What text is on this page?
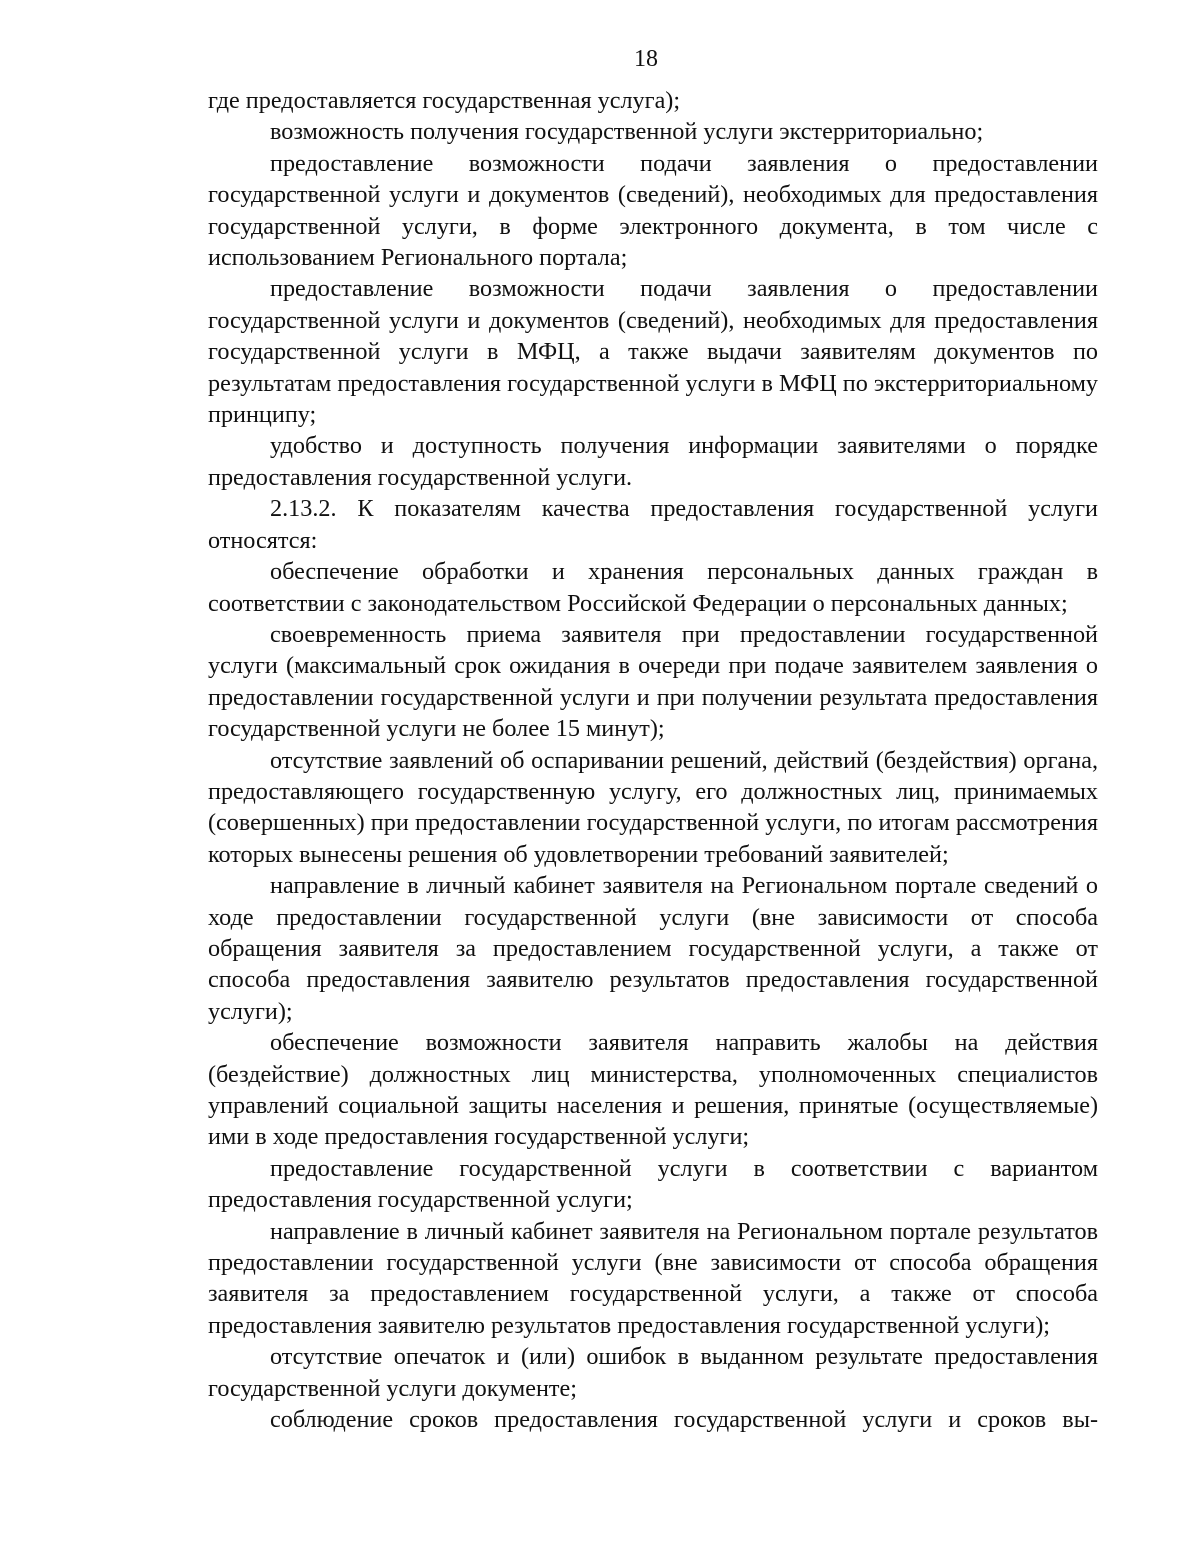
18

где предоставляется государственная услуга);

возможность получения государственной услуги экстерриториально;

предоставление возможности подачи заявления о предоставлении государственной услуги и документов (сведений), необходимых для предоставления государственной услуги, в форме электронного документа, в том числе с использованием Регионального портала;

предоставление возможности подачи заявления о предоставлении государственной услуги и документов (сведений), необходимых для предоставления государственной услуги в МФЦ, а также выдачи заявителям документов по результатам предоставления государственной услуги в МФЦ по экстерриториальному принципу;

удобство и доступность получения информации заявителями о порядке предоставления государственной услуги.

2.13.2. К показателям качества предоставления государственной услуги относятся:

обеспечение обработки и хранения персональных данных граждан в соответствии с законодательством Российской Федерации о персональных данных;

своевременность приема заявителя при предоставлении государственной услуги (максимальный срок ожидания в очереди при подаче заявителем заявления о предоставлении государственной услуги и при получении результата предоставления государственной услуги не более 15 минут);

отсутствие заявлений об оспаривании решений, действий (бездействия) органа, предоставляющего государственную услугу, его должностных лиц, принимаемых (совершенных) при предоставлении государственной услуги, по итогам рассмотрения которых вынесены решения об удовлетворении требований заявителей;

направление в личный кабинет заявителя на Региональном портале сведений о ходе предоставлении государственной услуги (вне зависимости от способа обращения заявителя за предоставлением государственной услуги, а также от способа предоставления заявителю результатов предоставления государственной услуги);

обеспечение возможности заявителя направить жалобы на действия (бездействие) должностных лиц министерства, уполномоченных специалистов управлений социальной защиты населения и решения, принятые (осуществляемые) ими в ходе предоставления государственной услуги;

предоставление государственной услуги в соответствии с вариантом предоставления государственной услуги;

направление в личный кабинет заявителя на Региональном портале результатов предоставлении государственной услуги (вне зависимости от способа обращения заявителя за предоставлением государственной услуги, а также от способа предоставления заявителю результатов предоставления государственной услуги);

отсутствие опечаток и (или) ошибок в выданном результате предоставления государственной услуги документе;

соблюдение сроков предоставления государственной услуги и сроков вы-
